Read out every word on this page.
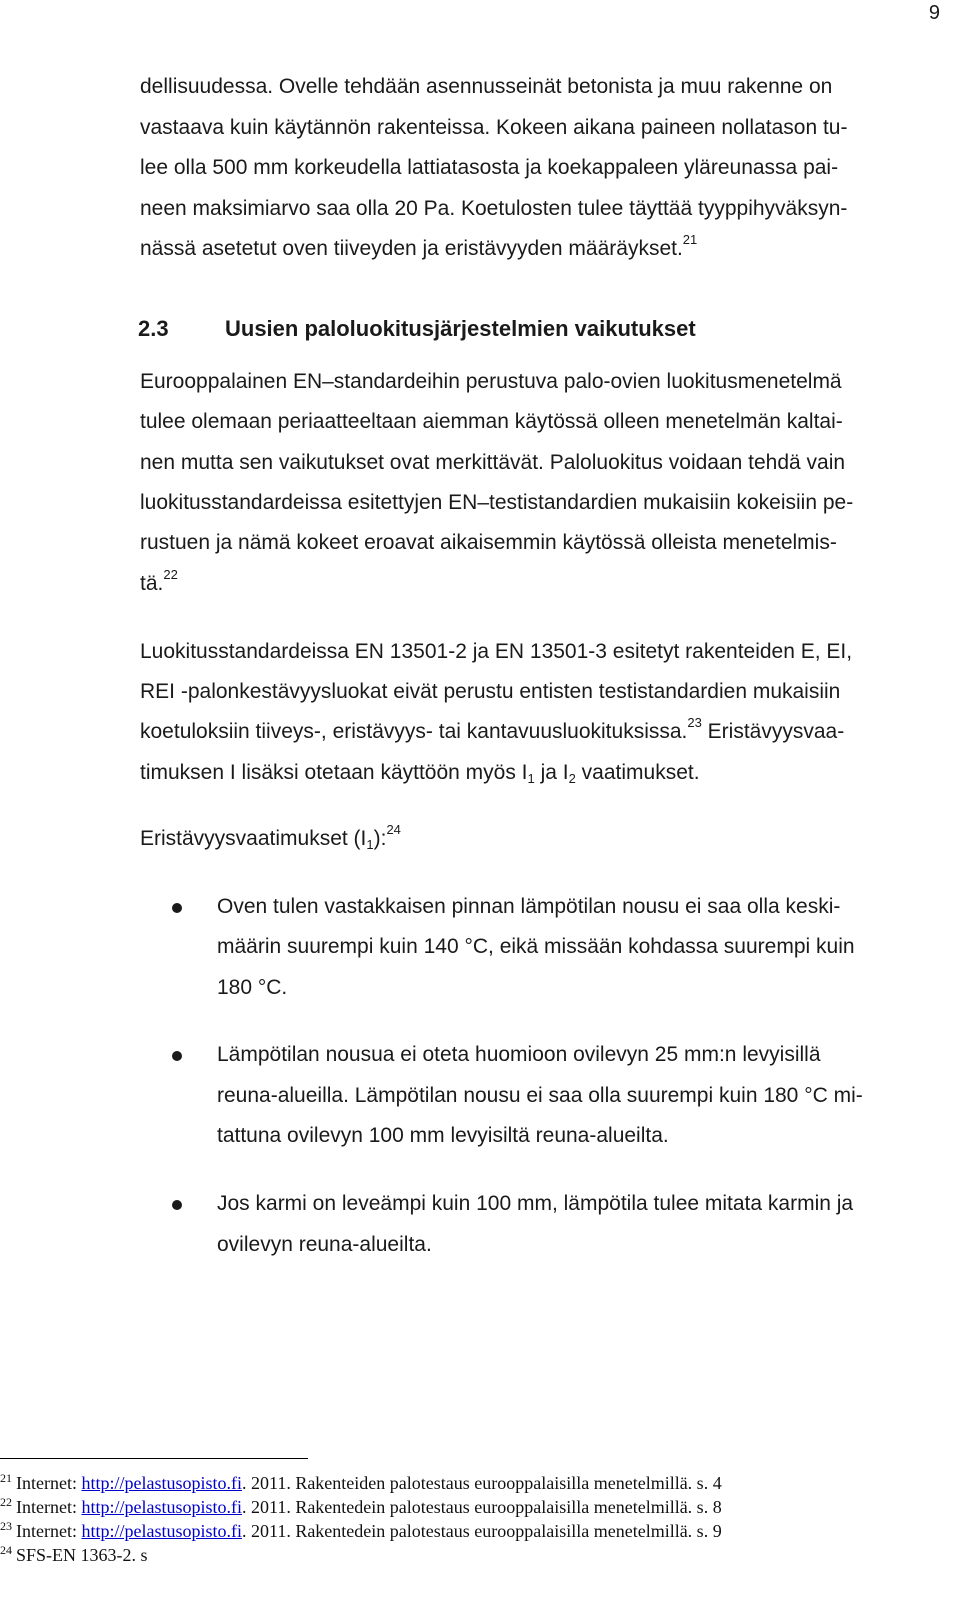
9
dellisuudessa. Ovelle tehdään asennusseinät betonista ja muu rakenne on
vastaava kuin käytännön rakenteissa. Kokeen aikana paineen nollatason tu-
lee olla 500 mm korkeudella lattiatasosta ja koekappaleen yläreunassa pai-
neen maksimiarvo saa olla 20 Pa. Koetulosten tulee täyttää tyyppihyväksyn-
nässä asetetut oven tiiveyden ja eristävyyden määräykset.$^{21}$
2.3	Uusien paloluokitusjärjestelmien vaikutukset
Eurooppalainen EN–standardeihin perustuva palo-ovien luokitusmenetelmä
tulee olemaan periaatteeltaan aiemman käytössä olleen menetelmän kaltai-
nen mutta sen vaikutukset ovat merkittävät. Paloluokitus voidaan tehdä vain
luokitusstandardeissa esitettyjen EN–testistandardien mukaisiin kokeisiin pe-
rustuen ja nämä kokeet eroavat aikaisemmin käytössä olleista menetelmis-
tä.$^{22}$
Luokitusstandardeissa EN 13501-2 ja EN 13501-3 esitetyt rakenteiden E, EI,
REI -palonkestävyysluokat eivät perustu entisten testistandardien mukaisiin
koetuloksiin tiiveys-, eristävyys- tai kantavuusluokituksissa.$^{23}$ Eristävyysvaa-
timuksen I lisäksi otetaan käyttöön myös $I_1$ ja $I_2$ vaatimukset.
Eristävyysvaatimukset $(I_1):^{24}$
Oven tulen vastakkaisen pinnan lämpötilan nousu ei saa olla keski-
määrin suurempi kuin 140 °C, eikä missään kohdassa suurempi kuin
180 °C.
Lämpötilan nousua ei oteta huomioon ovilevyn 25 mm:n levyisillä
reuna-alueilla. Lämpötilan nousu ei saa olla suurempi kuin 180 °C mi-
tattuna ovilevyn 100 mm levyisiltä reuna-alueilta.
Jos karmi on leveämpi kuin 100 mm, lämpötila tulee mitata karmin ja
ovilevyn reuna-alueilta.
$^{21}$ Internet: http://pelastusopisto.fi. 2011. Rakenteiden palotestaus eurooppalaisilla menetelmillä. s. 4
$^{22}$ Internet: http://pelastusopisto.fi. 2011. Rakentedein palotestaus eurooppalaisilla menetelmillä. s. 8
$^{23}$ Internet: http://pelastusopisto.fi. 2011. Rakentedein palotestaus eurooppalaisilla menetelmillä. s. 9
$^{24}$ SFS-EN 1363-2. s
